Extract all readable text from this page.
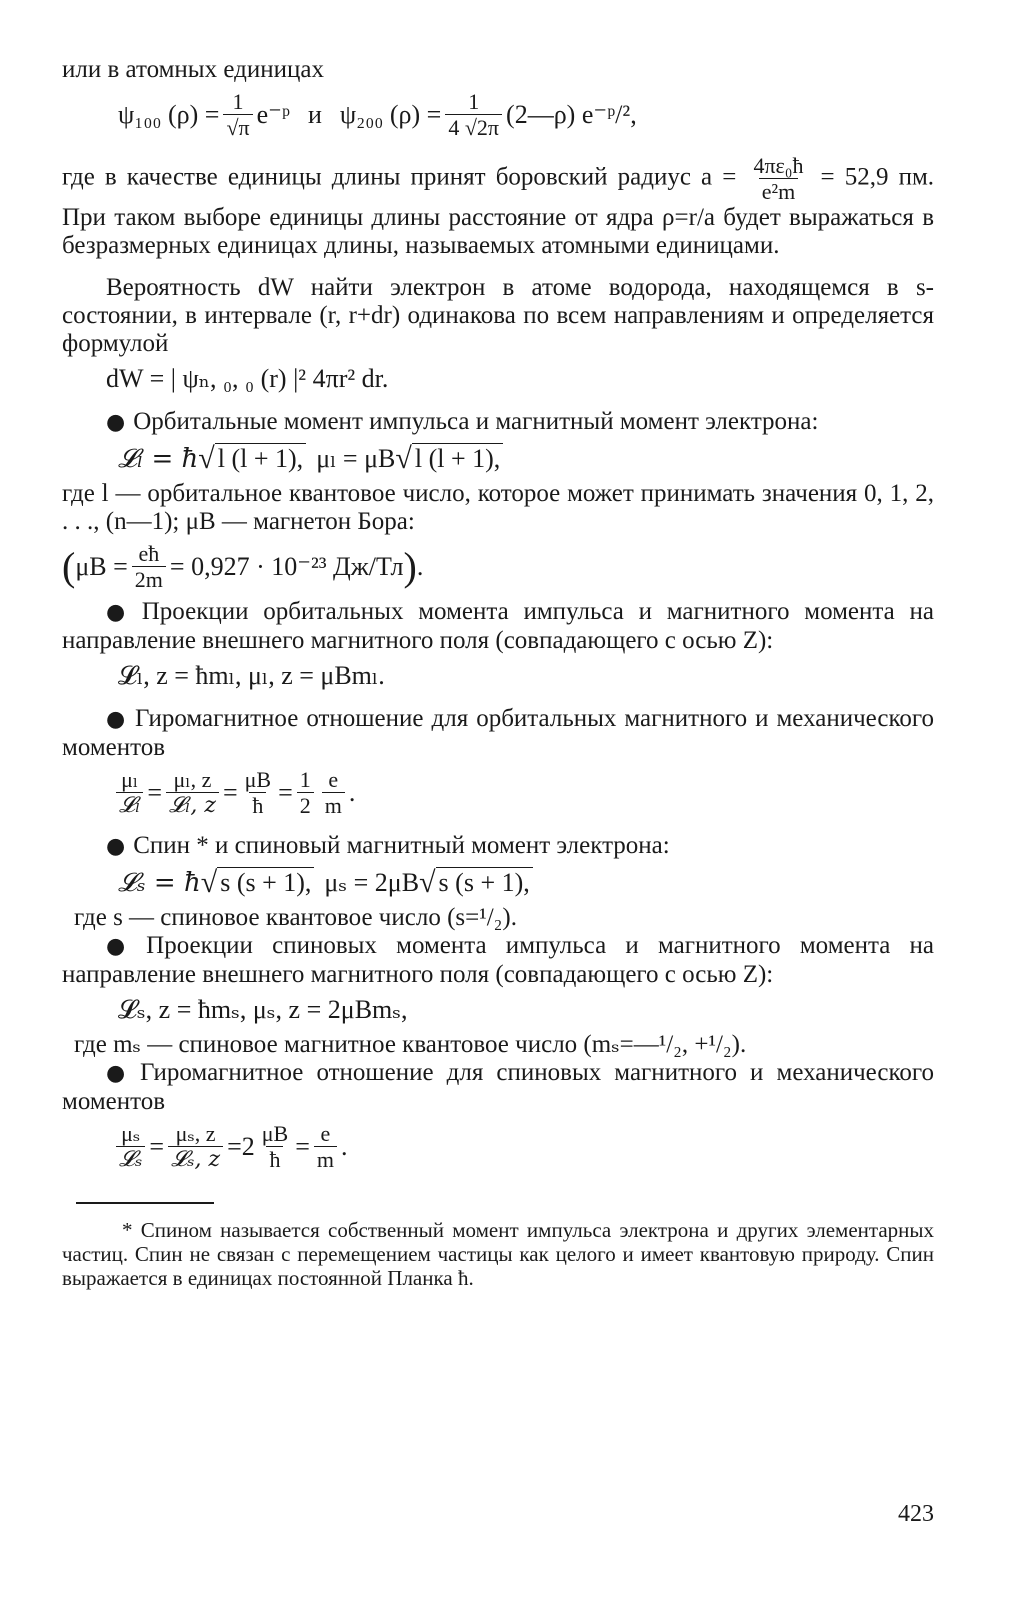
или в атомных единицах

ψ₁₀₀ $(\rho) = \frac{1}{√\pi}$ e⁻ᵖ и ψ₂₀₀ $(\rho) = \frac{1}{4 √2\pi}$ (2—ρ) e⁻ᵖ/²,

где в качестве единицы длины принят боровский радиус $a = \frac{\text{4πε₀ħ}}{\text{e²m}} = 52,9$ пм. При таком выборе единицы длины расстояние от ядра ρ=r/a будет выражаться в безразмерных единицах длины, называемых атомными единицами.

Вероятность dW найти электрон в атоме водорода, находящемся в s-состоянии, в интервале (r, r+dr) одинакова по всем направлениям и определяется формулой

dW = | ψₙ, ₀, ₀ (r) |² 4πr² dr.

● Орбитальные момент импульса и магнитный момент электрона:

𝓛ₗ = ħ √ l (l + 1), μₗ = μB √ l (l + 1),

где l — орбитальное квантовое число, которое может принимать значения 0, 1, 2, . . ., (n—1); μB — магнетон Бора:

( $\mu B = \frac{eħ}{2m} = 0,927 \cdot 10^{-23}$ Дж/Тл ) .

● Проекции орбитальных момента импульса и магнитного момента на направление внешнего магнитного поля (совпадающего с осью Z):

𝓛ₗ, z = ħmₗ, μₗ, z = μBmₗ.

● Гиромагнитное отношение для орбитальных магнитного и механического моментов

$\frac{\text{μₗ}}{\text{𝓛ₗ}} = \frac{\text{μₗ, z}}{\text{𝓛ₗ, z}} = \frac{\mu B}{ħ} = \frac{1}{2} \frac{e}{m}$ .

● Спин * и спиновый магнитный момент электрона:

𝓛ₛ = ħ √ s (s + 1), μₛ = 2μB √ s (s + 1),

где s — спиновое квантовое число (s=¹/₂).

● Проекции спиновых момента импульса и магнитного момента на направление внешнего магнитного поля (совпадающего с осью Z):

𝓛ₛ, z = ħmₛ, μₛ, z = 2μBmₛ,

где mₛ — спиновое магнитное квантовое число (mₛ=—¹/₂, +¹/₂).

● Гиромагнитное отношение для спиновых магнитного и механического моментов

$\frac{\text{μₛ}}{\text{𝓛ₛ}} = \frac{\text{μₛ, z}}{\text{𝓛ₛ, z}} = 2 \frac{\mu B}{ħ} = \frac{e}{m}$ .

* Спином называется собственный момент импульса электрона и других элементарных частиц. Спин не связан с перемещением частицы как целого и имеет квантовую природу. Спин выражается в единицах постоянной Планка ħ.

423
